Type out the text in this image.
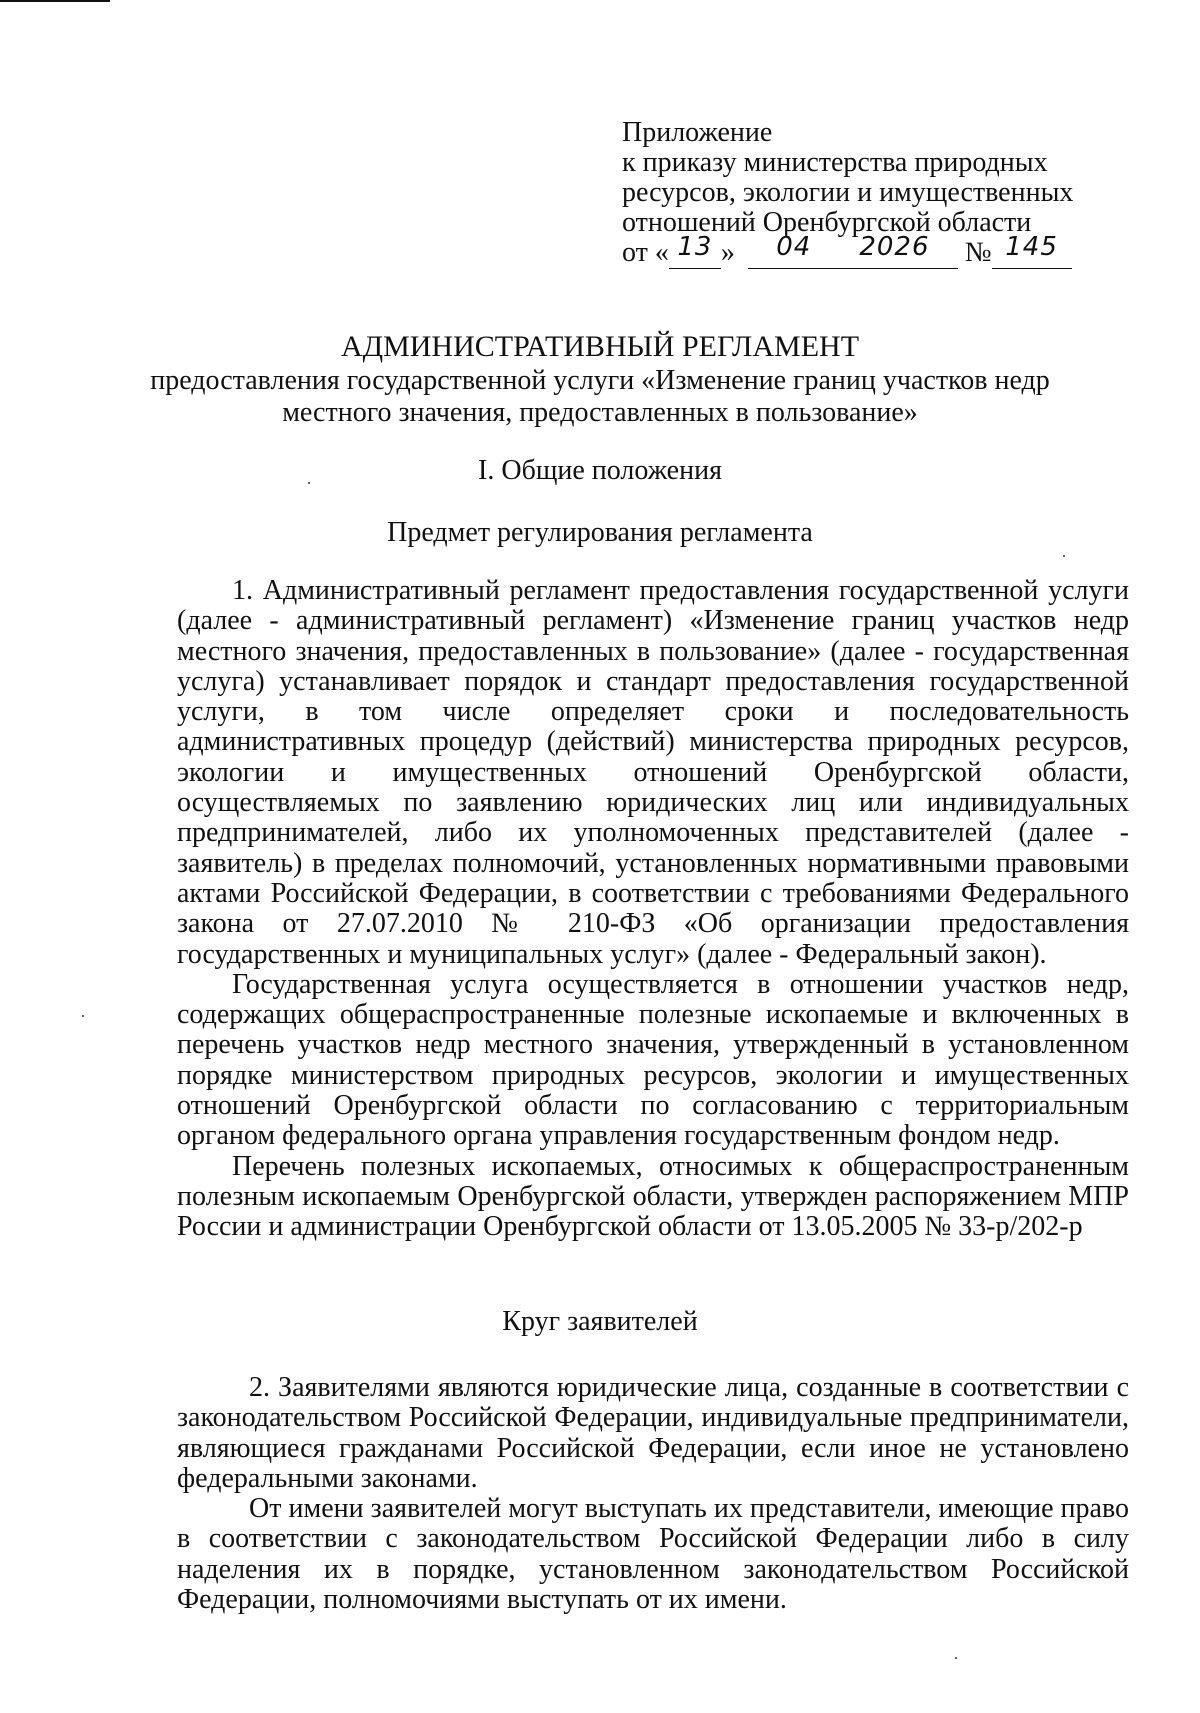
Приложение
к приказу министерства природных
ресурсов, экологии и имущественных
отношений Оренбургской области
от « 13 » 04 2026 № 145
АДМИНИСТРАТИВНЫЙ РЕГЛАМЕНТ
предоставления государственной услуги «Изменение границ участков недр
местного значения, предоставленных в пользование»
I. Общие положения
Предмет регулирования регламента

1. Административный регламент предоставления государственной услуги (далее - административный регламент) «Изменение границ участков недр местного значения, предоставленных в пользование» (далее - государственная услуга) устанавливает порядок и стандарт предоставления государственной услуги, в том числе определяет сроки и последовательность административных процедур (действий) министерства природных ресурсов, экологии и имущественных отношений Оренбургской области, осуществляемых по заявлению юридических лиц или индивидуальных предпринимателей, либо их уполномоченных представителей (далее - заявитель) в пределах полномочий, установленных нормативными правовыми актами Российской Федерации, в соответствии с требованиями Федерального закона от 27.07.2010 № 210-ФЗ «Об организации предоставления государственных и муниципальных услуг» (далее - Федеральный закон).

Государственная услуга осуществляется в отношении участков недр, содержащих общераспространенные полезные ископаемые и включенных в перечень участков недр местного значения, утвержденный в установленном порядке министерством природных ресурсов, экологии и имущественных отношений Оренбургской области по согласованию с территориальным органом федерального органа управления государственным фондом недр.

Перечень полезных ископаемых, относимых к общераспространенным полезным ископаемым Оренбургской области, утвержден распоряжением МПР России и администрации Оренбургской области от 13.05.2005 № 33-р/202-р

Круг заявителей

2. Заявителями являются юридические лица, созданные в соответствии с законодательством Российской Федерации, индивидуальные предприниматели, являющиеся гражданами Российской Федерации, если иное не установлено федеральными законами.

От имени заявителей могут выступать их представители, имеющие право в соответствии с законодательством Российской Федерации либо в силу наделения их в порядке, установленном законодательством Российской Федерации, полномочиями выступать от их имени.
